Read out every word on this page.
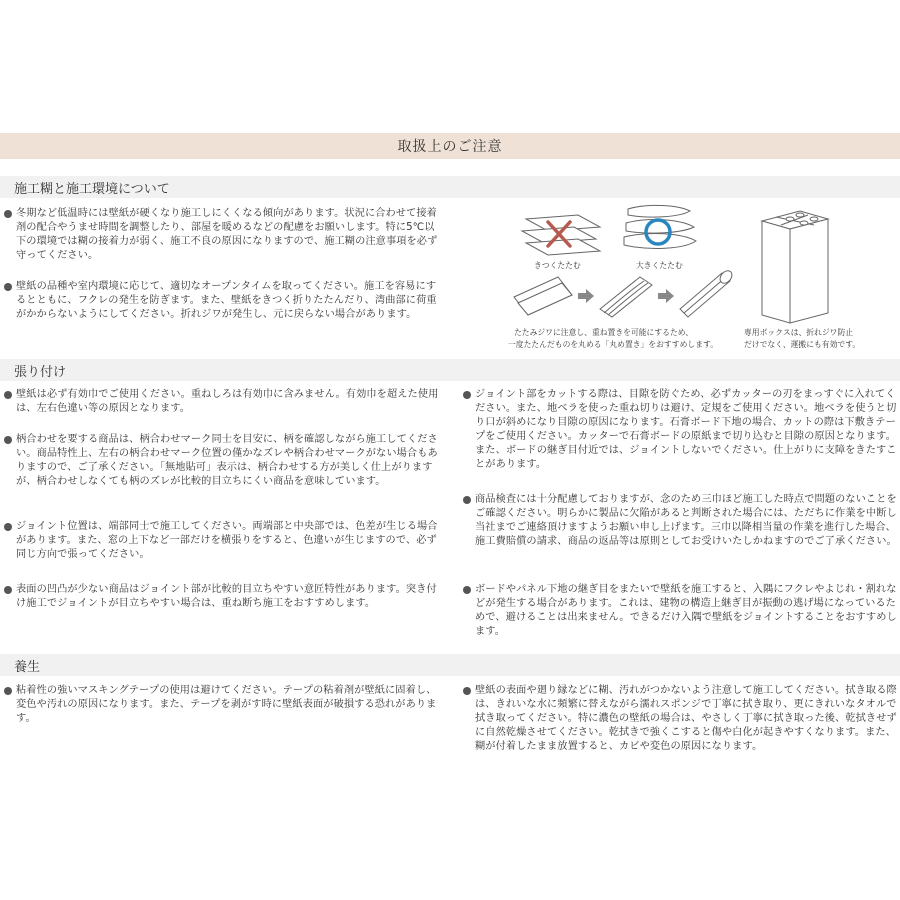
取扱上のご注意
施工糊と施工環境について
冬期など低温時には壁紙が硬くなり施工しにくくなる傾向があります。状況に合わせて接着剤の配合やうませ時間を調整したり、部屋を暖めるなどの配慮をお願いします。特に5℃以下の環境では糊の接着力が弱く、施工不良の原因になりますので、施工糊の注意事項を必ず守ってください。
壁紙の品種や室内環境に応じて、適切なオープンタイムを取ってください。施工を容易にするとともに、フクレの発生を防ぎます。また、壁紙をきつく折りたたんだり、湾曲部に荷重がかからないようにしてください。折れジワが発生し、元に戻らない場合があります。
きつくたたむ	大きくたたむ
たたみジワに注意し、重ね置きを可能にするため、
一度たたんだものを丸める「丸め置き」をおすすめします。
専用ボックスは、折れジワ防止
だけでなく、運搬にも有効です。
張り付け
壁紙は必ず有効巾でご使用ください。重ねしろは有効巾に含みません。有効巾を超えた使用は、左右色違い等の原因となります。
柄合わせを要する商品は、柄合わせマーク同士を目安に、柄を確認しながら施工してください。商品特性上、左右の柄合わせマーク位置の僅かなズレや柄合わせマークがない場合もありますので、ご了承ください。「無地貼可」表示は、柄合わせする方が美しく仕上がりますが、柄合わせしなくても柄のズレが比較的目立ちにくい商品を意味しています。
ジョイント位置は、端部同士で施工してください。両端部と中央部では、色差が生じる場合があります。また、窓の上下など一部だけを横張りをすると、色違いが生じますので、必ず同じ方向で張ってください。
表面の凹凸が少ない商品はジョイント部が比較的目立ちやすい意匠特性があります。突き付け施工でジョイントが目立ちやすい場合は、重ね断ち施工をおすすめします。
ジョイント部をカットする際は、目隙を防ぐため、必ずカッターの刃をまっすぐに入れてください。また、地ベラを使った重ね切りは避け、定規をご使用ください。地ベラを使うと切り口が斜めになり目隙の原因になります。石膏ボード下地の場合、カットの際は下敷きテープをご使用ください。カッターで石膏ボードの原紙まで切り込むと目隙の原因となります。また、ボードの継ぎ目付近では、ジョイントしないでください。仕上がりに支障をきたすことがあります。
商品検査には十分配慮しておりますが、念のため三巾ほど施工した時点で問題のないことをご確認ください。明らかに製品に欠陥があると判断された場合には、ただちに作業を中断し当社までご連絡頂けますようお願い申し上げます。三巾以降相当量の作業を進行した場合、施工費賠償の請求、商品の返品等は原則としてお受けいたしかねますのでご了承ください。
ボードやパネル下地の継ぎ目をまたいで壁紙を施工すると、入隅にフクレやよじれ・割れなどが発生する場合があります。これは、建物の構造上継ぎ目が振動の逃げ場になっているためで、避けることは出来ません。できるだけ入隅で壁紙をジョイントすることをおすすめします。
養生
粘着性の強いマスキングテープの使用は避けてください。テープの粘着剤が壁紙に固着し、変色や汚れの原因になります。また、テープを剥がす時に壁紙表面が破損する恐れがあります。
壁紙の表面や廻り縁などに糊、汚れがつかないよう注意して施工してください。拭き取る際は、きれいな水に頻繁に替えながら濡れスポンジで丁寧に拭き取り、更にきれいなタオルで拭き取ってください。特に濃色の壁紙の場合は、やさしく丁寧に拭き取った後、乾拭きせずに自然乾燥させてください。乾拭きで強くこすると傷や白化が起きやすくなります。また、糊が付着したまま放置すると、カビや変色の原因になります。
